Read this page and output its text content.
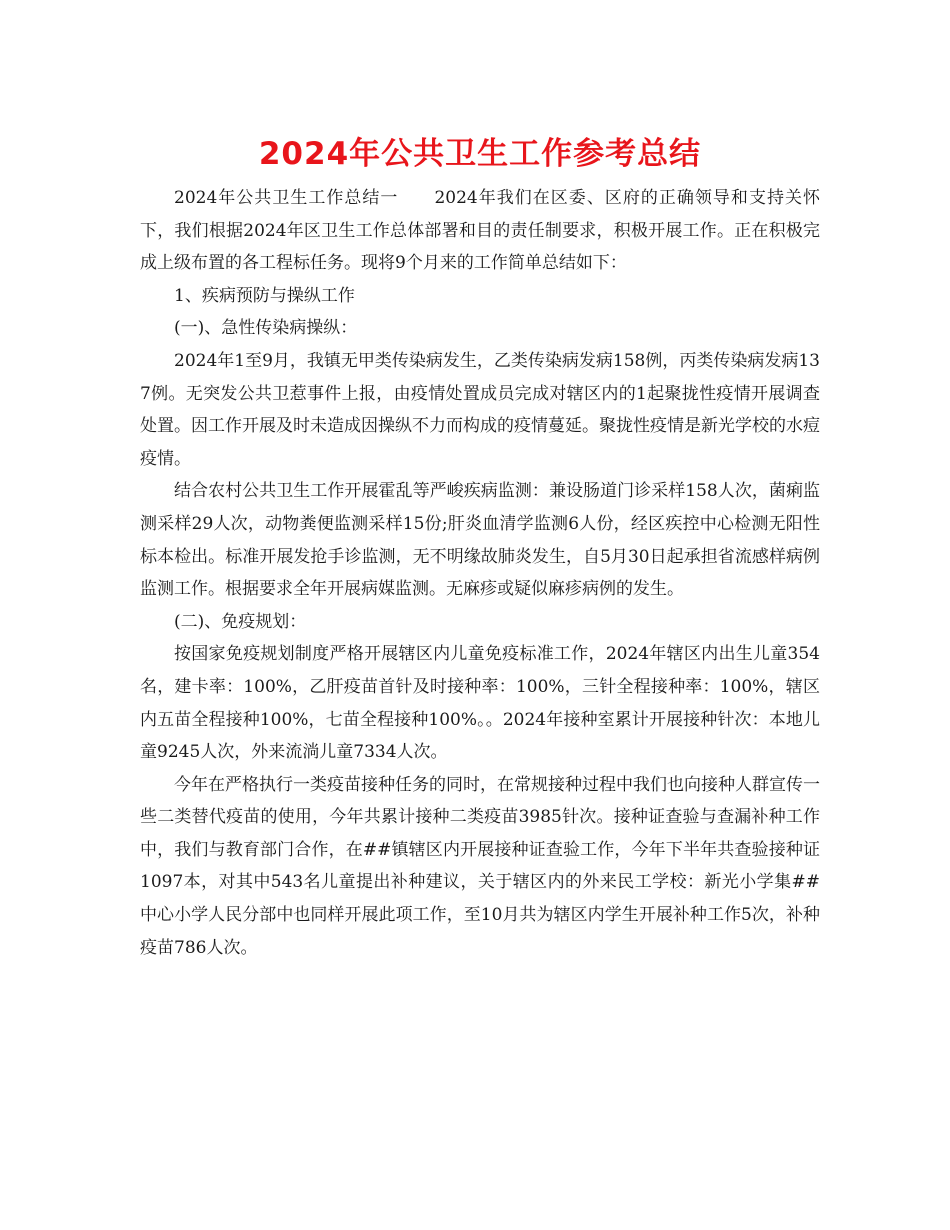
2024年公共卫生工作参考总结

2024年公共卫生工作总结一　　2024年我们在区委、区府的正确领导和支持关怀下，我们根据2024年区卫生工作总体部署和目的责任制要求，积极开展工作。正在积极完成上级布置的各工程标任务。现将9个月来的工作简单总结如下：

1、疾病预防与操纵工作

(一)、急性传染病操纵：

2024年1至9月，我镇无甲类传染病发生，乙类传染病发病158例，丙类传染病发病137例。无突发公共卫惹事件上报，由疫情处置成员完成对辖区内的1起聚拢性疫情开展调查处置。因工作开展及时未造成因操纵不力而构成的疫情蔓延。聚拢性疫情是新光学校的水痘疫情。

结合农村公共卫生工作开展霍乱等严峻疾病监测：兼设肠道门诊采样158人次，菌痢监测采样29人次，动物粪便监测采样15份;肝炎血清学监测6人份，经区疾控中心检测无阳性标本检出。标准开展发抢手诊监测，无不明缘故肺炎发生，自5月30日起承担省流感样病例监测工作。根据要求全年开展病媒监测。无麻疹或疑似麻疹病例的发生。

(二)、免疫规划：

按国家免疫规划制度严格开展辖区内儿童免疫标准工作，2024年辖区内出生儿童354名，建卡率：100%，乙肝疫苗首针及时接种率：100%，三针全程接种率：100%，辖区内五苗全程接种100%，七苗全程接种100%。。2024年接种室累计开展接种针次：本地儿童9245人次，外来流淌儿童7334人次。

今年在严格执行一类疫苗接种任务的同时，在常规接种过程中我们也向接种人群宣传一些二类替代疫苗的使用，今年共累计接种二类疫苗3985针次。接种证查验与查漏补种工作中，我们与教育部门合作，在##镇辖区内开展接种证查验工作，今年下半年共查验接种证1097本，对其中543名儿童提出补种建议，关于辖区内的外来民工学校：新光小学集##中心小学人民分部中也同样开展此项工作，至10月共为辖区内学生开展补种工作5次，补种疫苗786人次。
